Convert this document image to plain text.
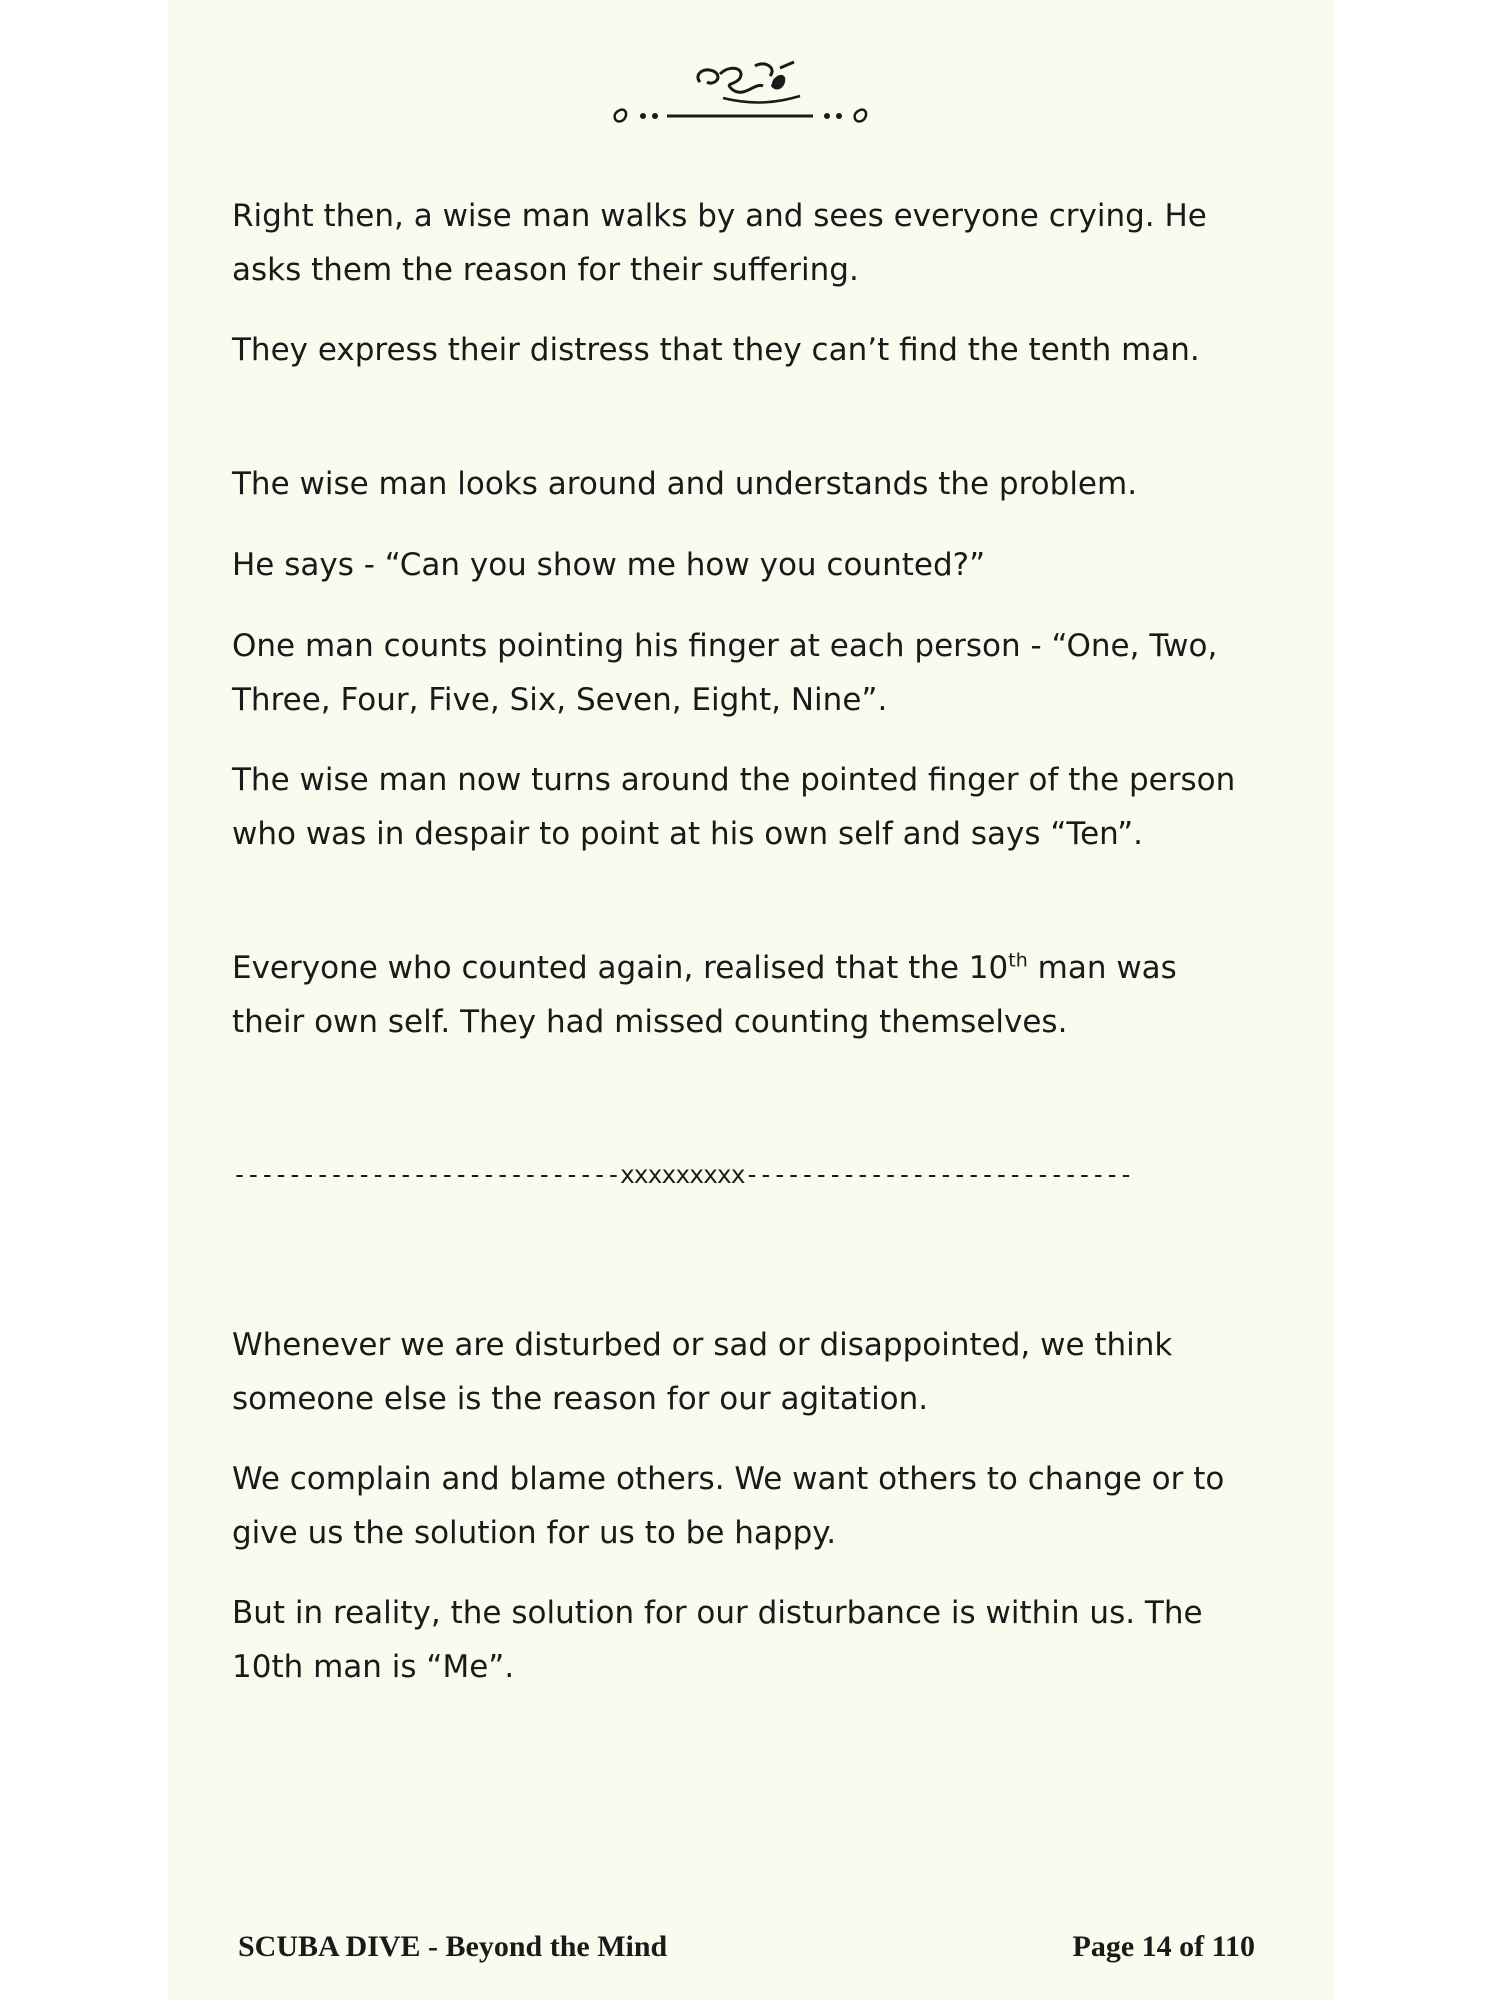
Right then, a wise man walks by and sees everyone crying. He asks them the reason for their suffering.

They express their distress that they can’t find the tenth man.

The wise man looks around and understands the problem.

He says - “Can you show me how you counted?”

One man counts pointing his finger at each person - “One, Two, Three, Four, Five, Six, Seven, Eight, Nine”.

The wise man now turns around the pointed finger of the person who was in despair to point at his own self and says “Ten”.

Everyone who counted again, realised that the 10th man was their own self. They had missed counting themselves.

----------------------------xxxxxxxxx----------------------------

Whenever we are disturbed or sad or disappointed, we think someone else is the reason for our agitation.

We complain and blame others. We want others to change or to give us the solution for us to be happy.

But in reality, the solution for our disturbance is within us. The 10th man is “Me”.

SCUBA DIVE - Beyond the Mind	Page 14 of 110
